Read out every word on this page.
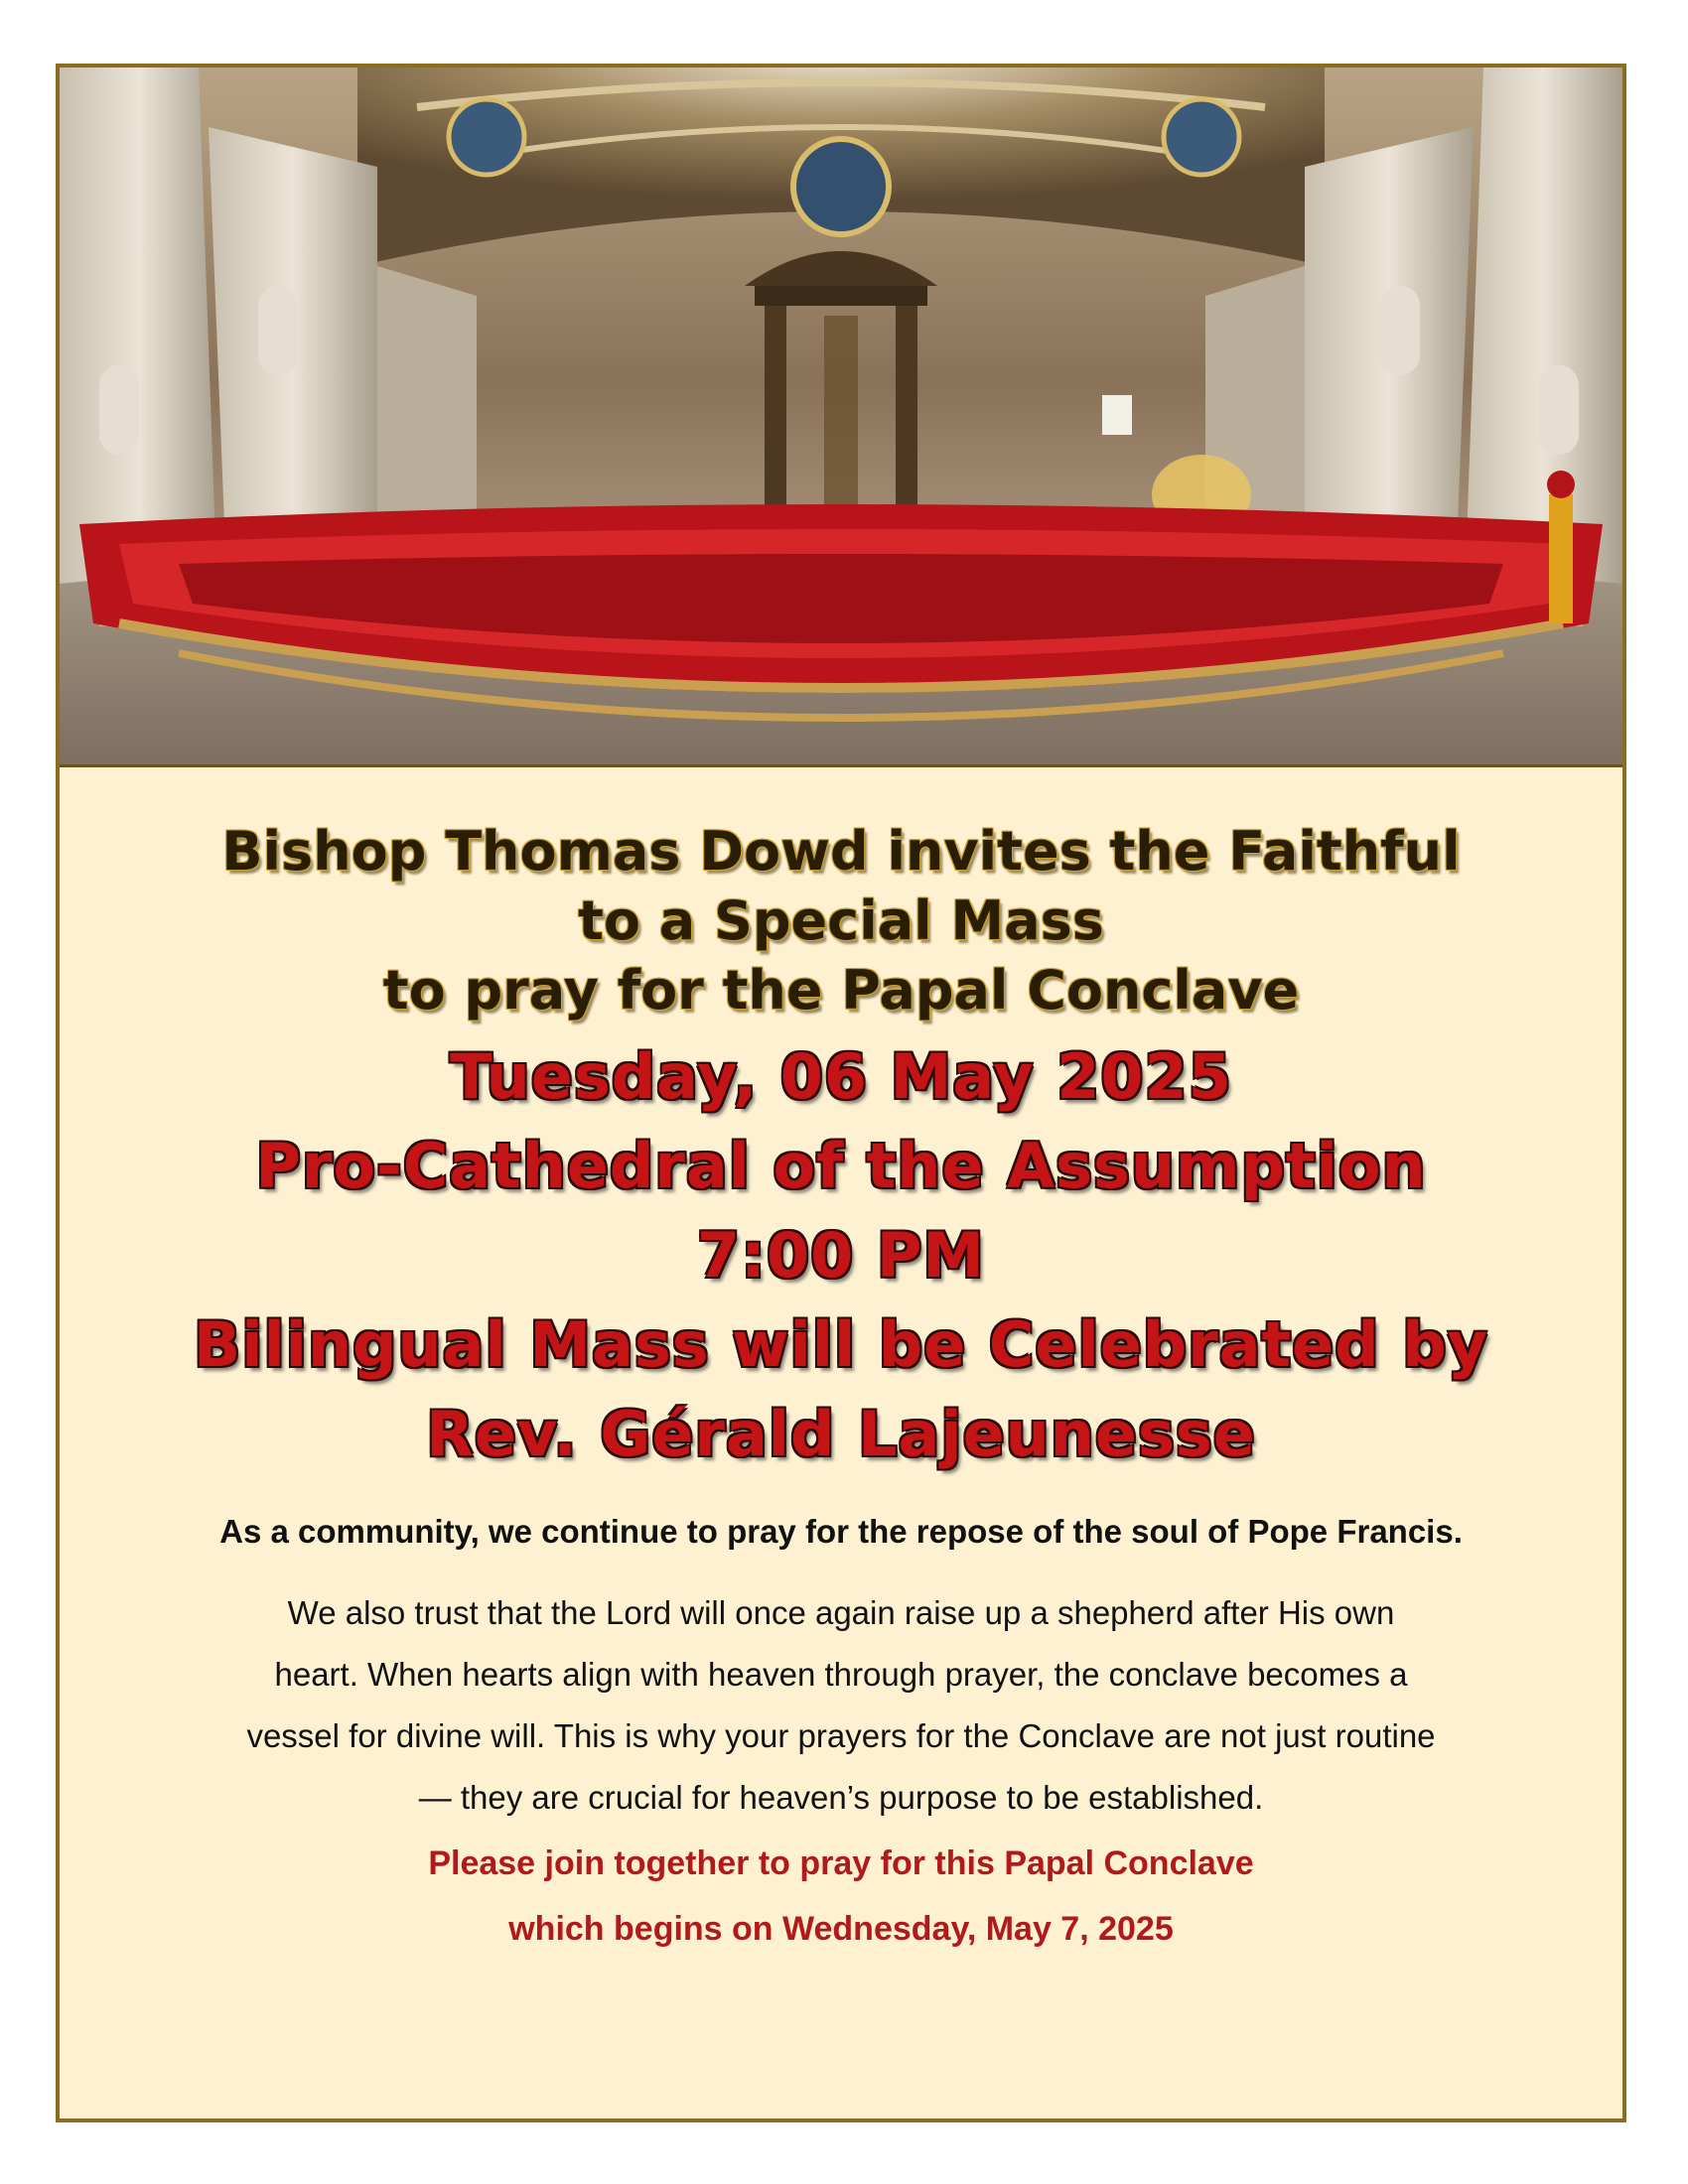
Bishop Thomas Dowd invites the Faithful

to a Special Mass

to pray for the Papal Conclave

Tuesday, 06 May 2025

Pro-Cathedral of the Assumption

7:00 PM

Bilingual Mass will be Celebrated by

Rev. Gérald Lajeunesse

As a community, we continue to pray for the repose of the soul of Pope Francis.

We also trust that the Lord will once again raise up a shepherd after His own

heart. When hearts align with heaven through prayer, the conclave becomes a

vessel for divine will. This is why your prayers for the Conclave are not just routine

— they are crucial for heaven’s purpose to be established.

Please join together to pray for this Papal Conclave

which begins on Wednesday, May 7, 2025
